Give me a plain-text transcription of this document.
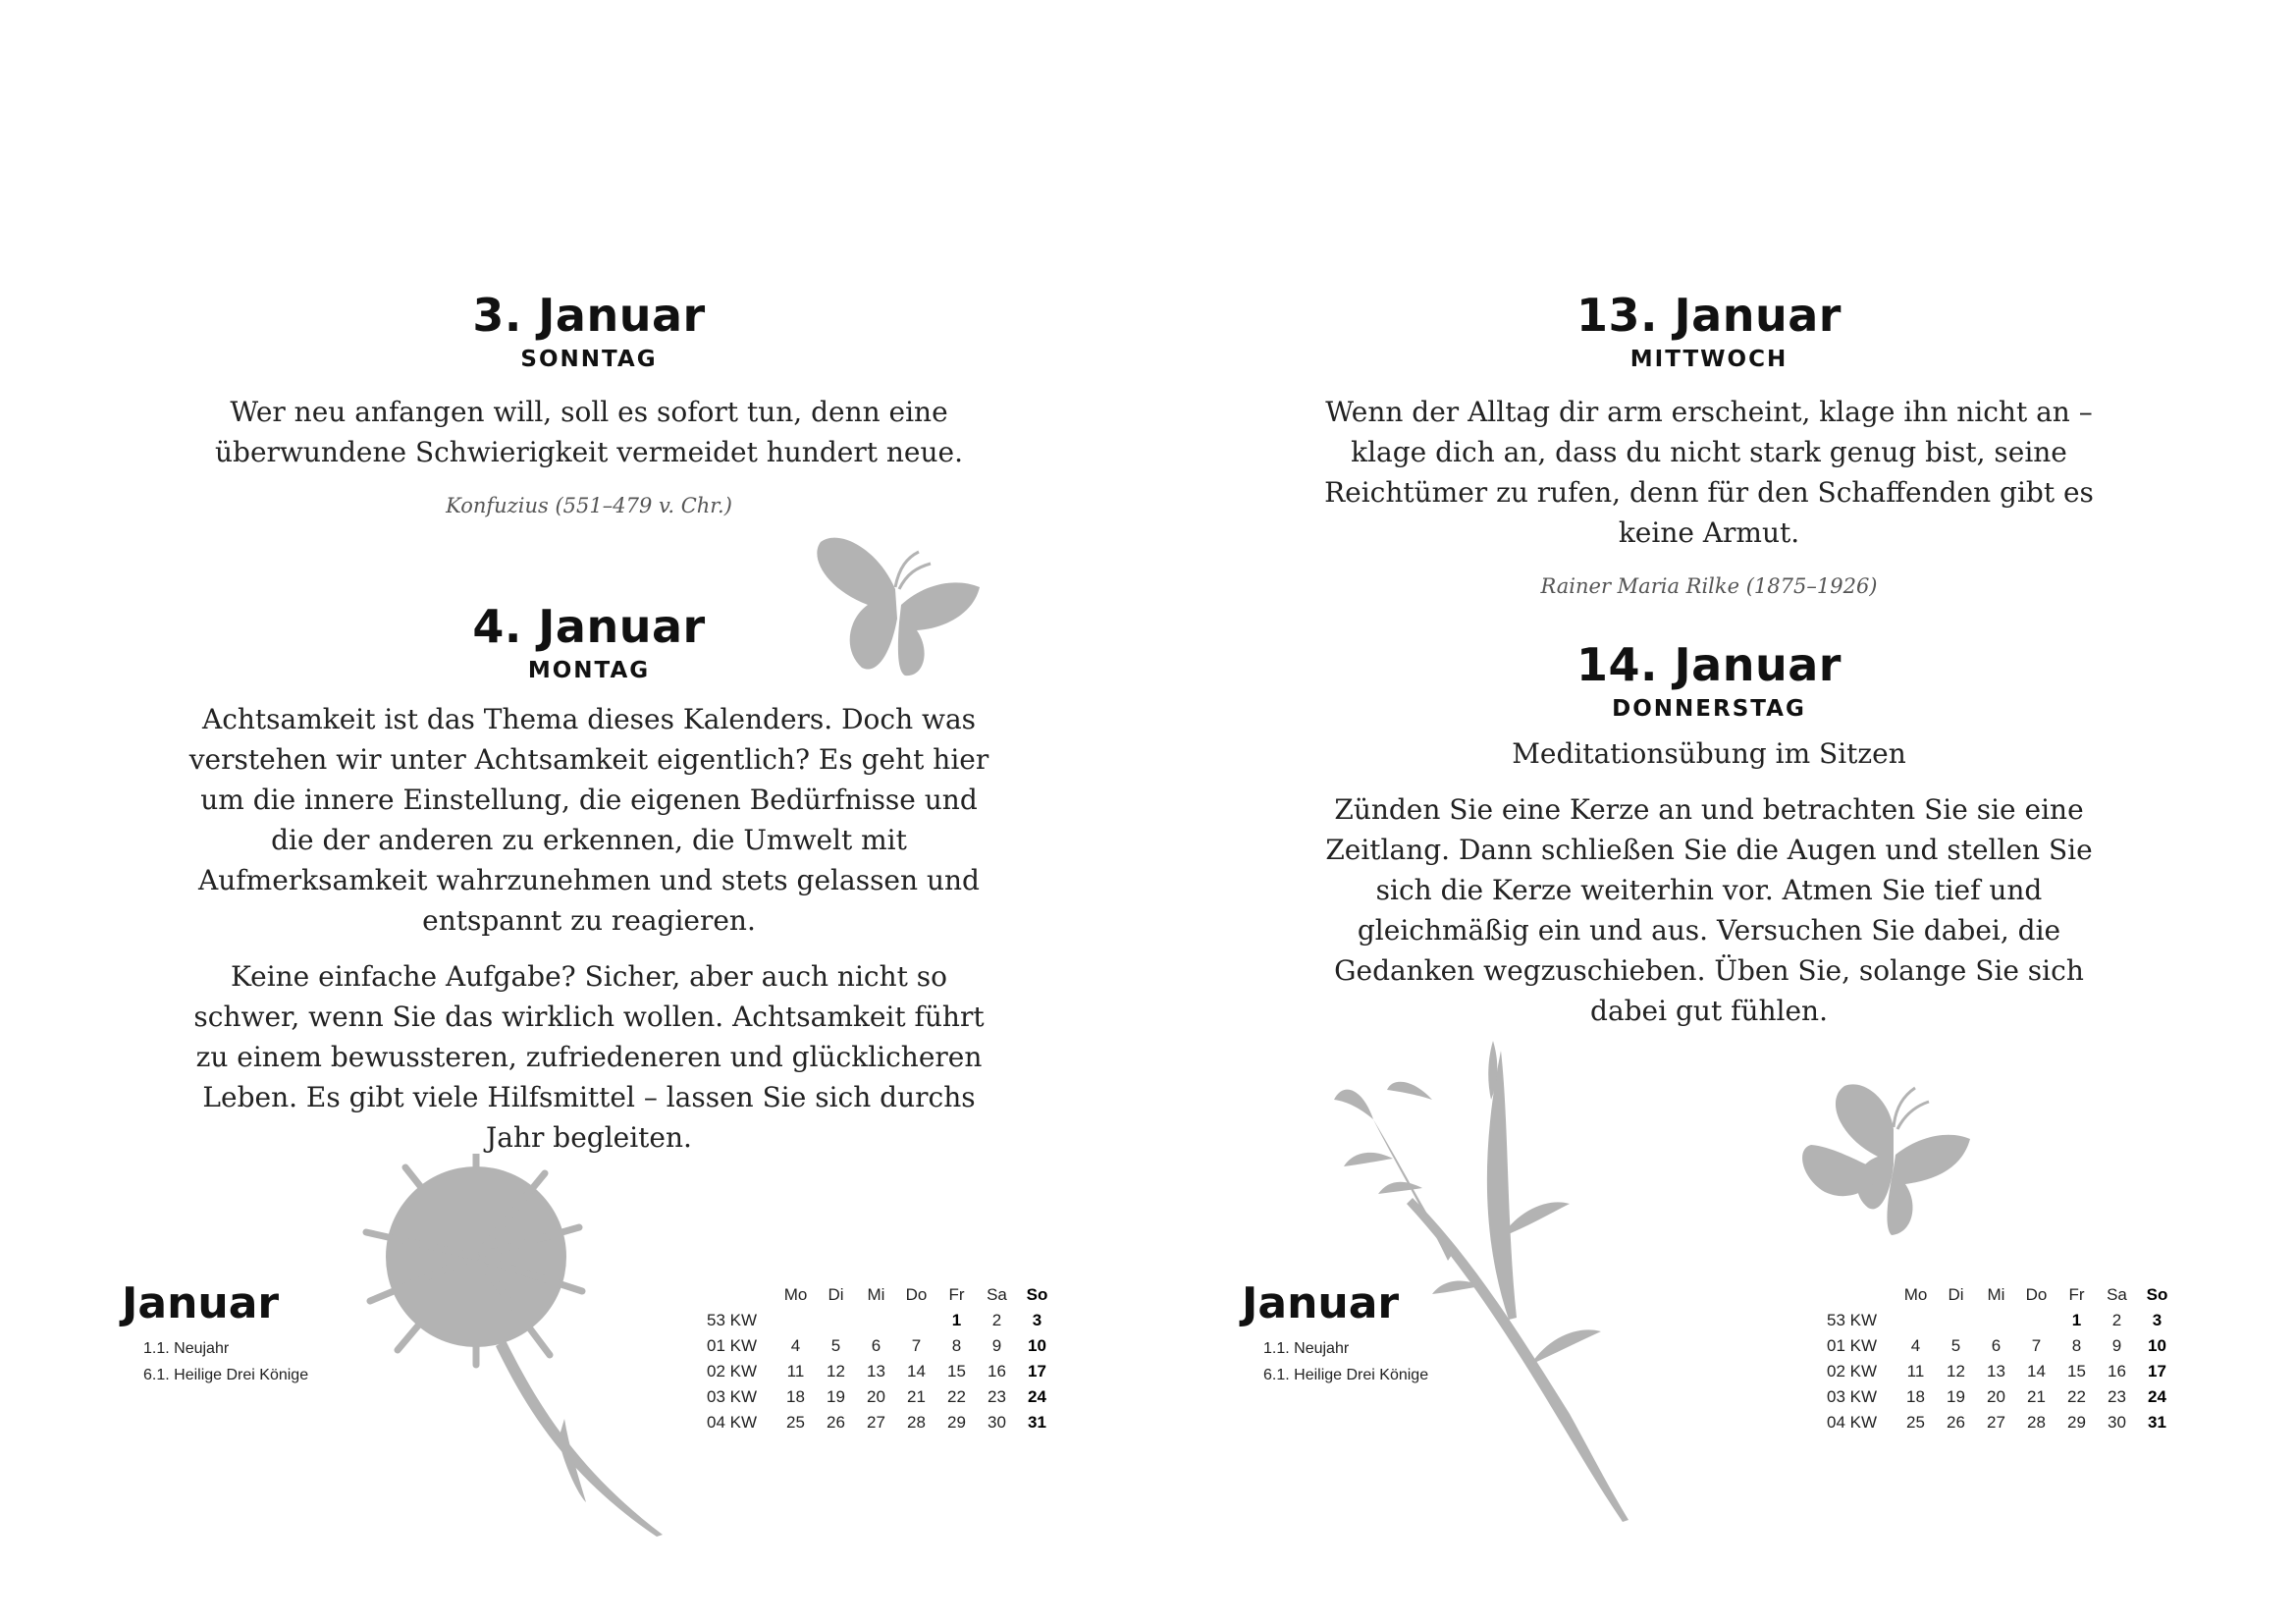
3. Januar
SONNTAG
Wer neu anfangen will, soll es sofort tun, denn eine überwundene Schwierigkeit vermeidet hundert neue.
Konfuzius (551–479 v. Chr.)
4. Januar
MONTAG

Achtsamkeit ist das Thema dieses Kalenders. Doch was verstehen wir unter Achtsamkeit eigentlich? Es geht hier um die innere Einstellung, die eigenen Bedürfnisse und die der anderen zu erkennen, die Umwelt mit Aufmerksamkeit wahrzunehmen und stets gelassen und entspannt zu reagieren.

Keine einfache Aufgabe? Sicher, aber auch nicht so schwer, wenn Sie das wirklich wollen. Achtsamkeit führt zu einem bewussteren, zufriedeneren und glücklicheren Leben. Es gibt viele Hilfsmittel – lassen Sie sich durchs Jahr begleiten.

Januar
1.1. Neujahr
6.1. Heilige Drei Könige
	Mo	Di	Mi	Do	Fr	Sa	So
53 KW					1	2	3
01 KW	4	5	6	7	8	9	10
02 KW	11	12	13	14	15	16	17
03 KW	18	19	20	21	22	23	24
04 KW	25	26	27	28	29	30	31
13. Januar
MITTWOCH
Wenn der Alltag dir arm erscheint, klage ihn nicht an – klage dich an, dass du nicht stark genug bist, seine Reichtümer zu rufen, denn für den Schaffenden gibt es keine Armut.
Rainer Maria Rilke (1875–1926)
14. Januar
DONNERSTAG
Meditationsübung im Sitzen

Zünden Sie eine Kerze an und betrachten Sie sie eine Zeitlang. Dann schließen Sie die Augen und stellen Sie sich die Kerze weiterhin vor. Atmen Sie tief und gleichmäßig ein und aus. Versuchen Sie dabei, die Gedanken wegzuschieben. Üben Sie, solange Sie sich dabei gut fühlen.

Januar
1.1. Neujahr
6.1. Heilige Drei Könige
	Mo	Di	Mi	Do	Fr	Sa	So
53 KW					1	2	3
01 KW	4	5	6	7	8	9	10
02 KW	11	12	13	14	15	16	17
03 KW	18	19	20	21	22	23	24
04 KW	25	26	27	28	29	30	31
